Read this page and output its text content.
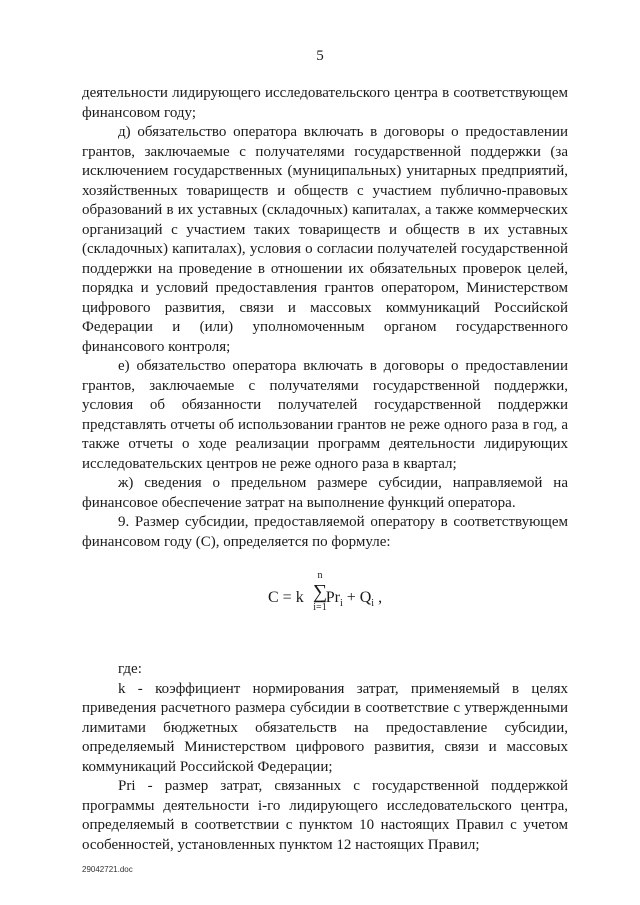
5

деятельности лидирующего исследовательского центра в соответствующем финансовом году;

д) обязательство оператора включать в договоры о предоставлении грантов, заключаемые с получателями государственной поддержки (за исключением государственных (муниципальных) унитарных предприятий, хозяйственных товариществ и обществ с участием публично-правовых образований в их уставных (складочных) капиталах, а также коммерческих организаций с участием таких товариществ и обществ в их уставных (складочных) капиталах), условия о согласии получателей государственной поддержки на проведение в отношении их обязательных проверок целей, порядка и условий предоставления грантов оператором, Министерством цифрового развития, связи и массовых коммуникаций Российской Федерации и (или) уполномоченным органом государственного финансового контроля;

е) обязательство оператора включать в договоры о предоставлении грантов, заключаемые с получателями государственной поддержки, условия об обязанности получателей государственной поддержки представлять отчеты об использовании грантов не реже одного раза в год, а также отчеты о ходе реализации программ деятельности лидирующих исследовательских центров не реже одного раза в квартал;

ж) сведения о предельном размере субсидии, направляемой на финансовое обеспечение затрат на выполнение функций оператора.

9. Размер субсидии, предоставляемой оператору в соответствующем финансовом году (C), определяется по формуле:

n
∑
i=1
C = k $Pr_i + Q_i$ ,

где:

k - коэффициент нормирования затрат, применяемый в целях приведения расчетного размера субсидии в соответствие с утвержденными лимитами бюджетных обязательств на предоставление субсидии, определяемый Министерством цифрового развития, связи и массовых коммуникаций Российской Федерации;

Pri - размер затрат, связанных с государственной поддержкой программы деятельности i-го лидирующего исследовательского центра, определяемый в соответствии с пунктом 10 настоящих Правил с учетом особенностей, установленных пунктом 12 настоящих Правил;

29042721.doc
